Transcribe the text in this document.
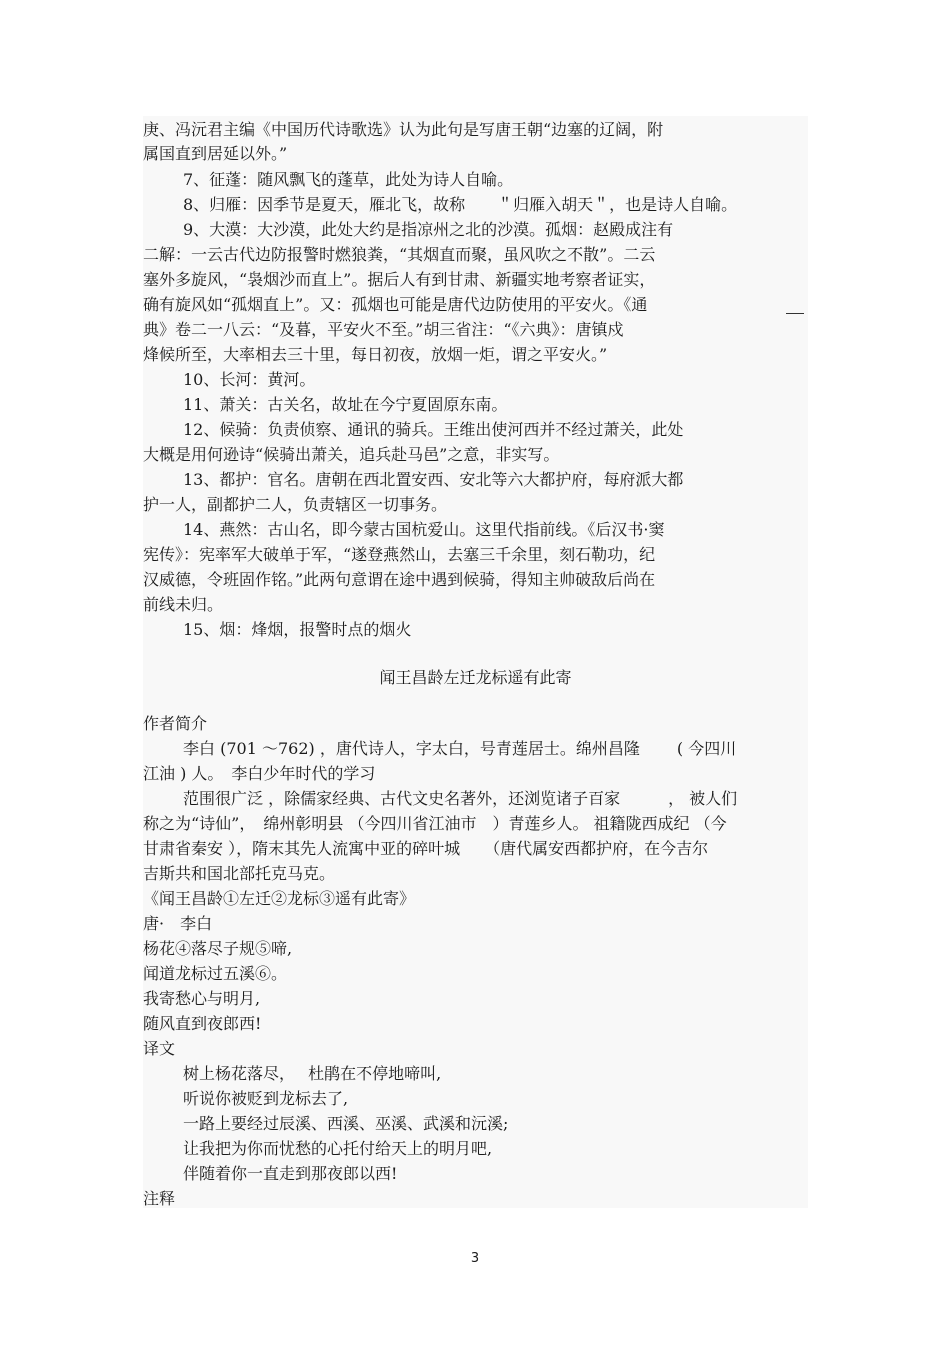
庚、冯沅君主编《中国历代诗歌选》认为此句是写唐王朝“边塞的辽阔，附
属国直到居延以外。”
7、征蓬：随风飘飞的蓬草，此处为诗人自喻。
8、归雁：因季节是夏天，雁北飞，故称　　＂归雁入胡天＂，也是诗人自喻。
9、大漠：大沙漠，此处大约是指凉州之北的沙漠。孤烟：赵殿成注有
二解：一云古代边防报警时燃狼粪，“其烟直而聚，虽风吹之不散”。二云
塞外多旋风，“袅烟沙而直上”。据后人有到甘肃、新疆实地考察者证实，
确有旋风如“孤烟直上”。又：孤烟也可能是唐代边防使用的平安火。《通
典》卷二一八云：“及暮，平安火不至。”胡三省注：“《六典》：唐镇戍
烽候所至，大率相去三十里，每日初夜，放烟一炬，谓之平安火。”
10、长河：黄河。
11、萧关：古关名，故址在今宁夏固原东南。
12、候骑：负责侦察、通讯的骑兵。王维出使河西并不经过萧关，此处
大概是用何逊诗“候骑出萧关，追兵赴马邑”之意，非实写。
13、都护：官名。唐朝在西北置安西、安北等六大都护府，每府派大都
护一人，副都护二人，负责辖区一切事务。
14、燕然：古山名，即今蒙古国杭爱山。这里代指前线。《后汉书·窦
宪传》：宪率军大破单于军，“遂登燕然山，去塞三千余里，刻石勒功，纪
汉威德，令班固作铭。”此两句意谓在途中遇到候骑，得知主帅破敌后尚在
前线未归。
15、烟：烽烟，报警时点的烟火
闻王昌龄左迁龙标遥有此寄
作者简介
李白 (701 ～762) ，唐代诗人，字太白，号青莲居士。绵州昌隆　　 ( 今四川
江油 ) 人。　李白少年时代的学习
范围很广泛 ，除儒家经典、古代文史名著外，还浏览诸子百家　　　， 被人们
称之为“诗仙”，　绵州彰明县 （今四川省江油市　）青莲乡人。 祖籍陇西成纪 （今
甘肃省秦安 ），隋末其先人流寓中亚的碎叶城　　（唐代属安西都护府，在今吉尔
吉斯共和国北部托克马克。
《闻王昌龄①左迁②龙标③遥有此寄》
唐·　李白
杨花④落尽子规⑤啼,
闻道龙标过五溪⑥。
我寄愁心与明月,
随风直到夜郎西!
译文
树上杨花落尽，　 杜鹃在不停地啼叫,
听说你被贬到龙标去了,
一路上要经过辰溪、西溪、巫溪、武溪和沅溪;
让我把为你而忧愁的心托付给天上的明月吧,
伴随着你一直走到那夜郎以西!
注释
3
